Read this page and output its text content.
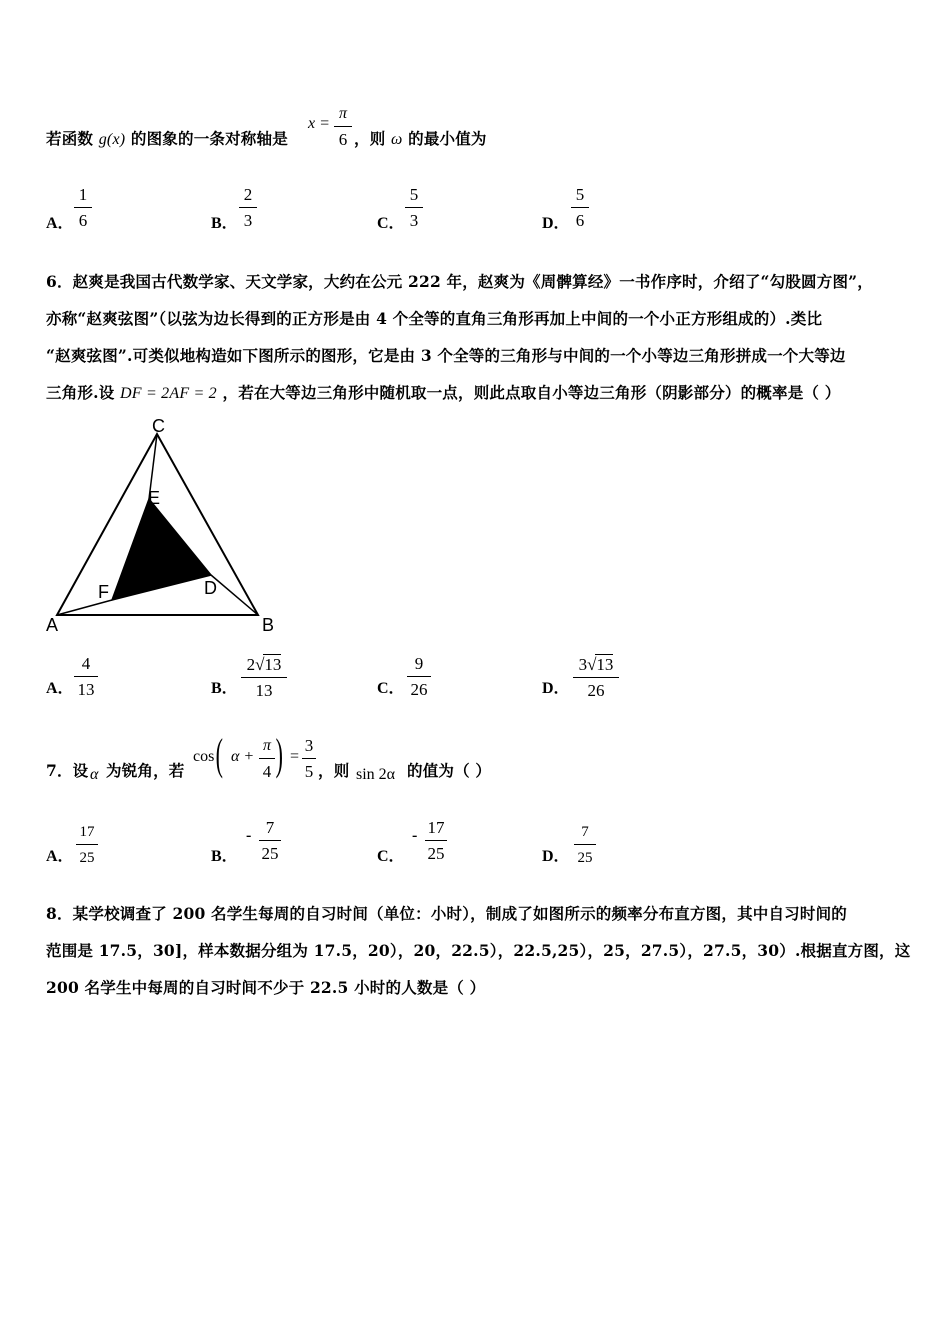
若函数 g(x) 的图象的一条对称轴是
x =
π
6 ，则 ω 的最小值为
A．
1
6	B．
2
3	C．
5
3	D．
5
6
6．赵爽是我国古代数学家、天文学家，大约在公元 222 年，赵爽为《周髀算经》一书作序时，介绍了“勾股圆方图”，
亦称“赵爽弦图”（以弦为边长得到的正方形是由 4 个全等的直角三角形再加上中间的一个小正方形组成的）.类比
“赵爽弦图”.可类似地构造如下图所示的图形，它是由 3 个全等的三角形与中间的一个小等边三角形拼成一个大等边
三角形.设 DF = 2AF = 2 ，若在大等边三角形中随机取一点，则此点取自小等边三角形（阴影部分）的概率是（ ）
C
E
F	D
A	B
A．
4
13	B．
2√13
13	C．
9
26	D．
3√13
26
7．设 α 为锐角，若
cos ( α +
π
4 ) =
3
5 ，则 sin 2α 的值为（ ）
A．
17
25	B．
- 7
25	C．
- 17
25	D．
7
25
8．某学校调查了 200 名学生每周的自习时间（单位：小时），制成了如图所示的频率分布直方图，其中自习时间的
范围是 17.5，30]，样本数据分组为 17.5，20），20，22.5），22.5,25），25，27.5），27.5，30）.根据直方图，这
200 名学生中每周的自习时间不少于 22.5 小时的人数是（ ）
